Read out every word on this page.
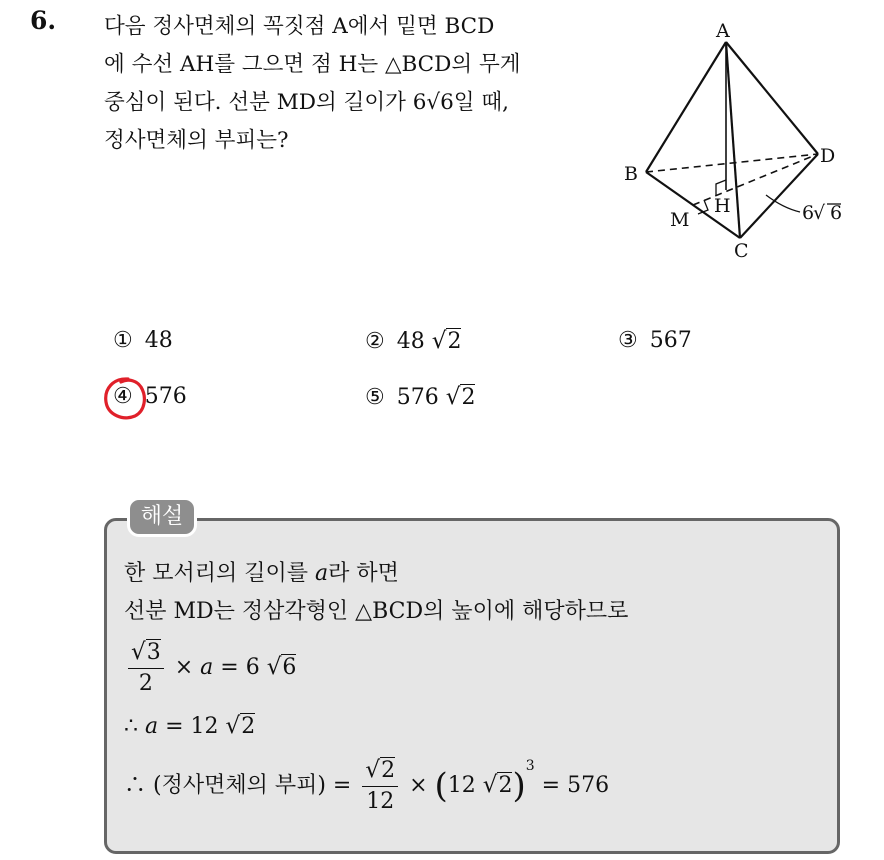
6. 다음 정사면체의 꼭짓점 A에서 밑면 BCD
에 수선 AH를 그으면 점 H는 △BCD의 무게
중심이 된다. 선분 MD의 길이가 6√6일 때,
정사면체의 부피는?
A
B
C
D
H
M	6
√ 6
① 48	② 48 √2	③ 567
④ 576	⑤ 576 √2
해설
한 모서리의 길이를 a라 하면
선분 MD는 정삼각형인 △BCD의 높이에 해당하므로
$\frac{√3}{2} \times a = 6$ √6
∴ a = 12 √2
∴ (정사면체의 부피) = $\frac{√2}{12} \times (12$ √2)$^3$ = 576
